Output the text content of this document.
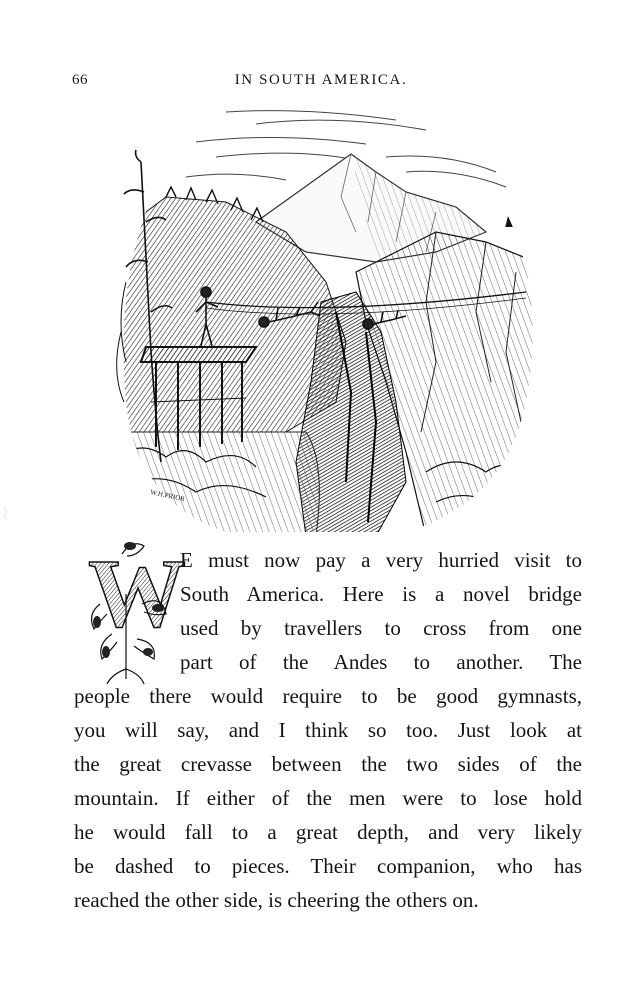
66	IN SOUTH AMERICA.
W.H.PRIOR
W
E must now pay a very hurried visit to
South America. Here is a novel bridge
used by travellers to cross from one
part of the Andes to another. The
people there would require to be good gymnasts,
you will say, and I think so too. Just look at
the great crevasse between the two sides of the
mountain. If either of the men were to lose hold
he would fall to a great depth, and very likely
be dashed to pieces. Their companion, who has
reached the other side, is cheering the others on.
